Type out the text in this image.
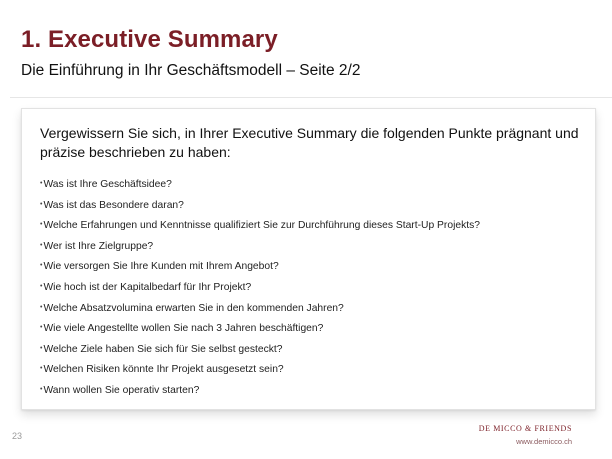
1. Executive Summary
Die Einführung in Ihr Geschäftsmodell – Seite 2/2
Vergewissern Sie sich, in Ihrer Executive Summary die folgenden Punkte prägnant und präzise beschrieben zu haben:
•Was ist Ihre Geschäftsidee?
•Was ist das Besondere daran?
•Welche Erfahrungen und Kenntnisse qualifiziert Sie zur Durchführung dieses Start-Up Projekts?
•Wer ist Ihre Zielgruppe?
•Wie versorgen Sie Ihre Kunden mit Ihrem Angebot?
•Wie hoch ist der Kapitalbedarf für Ihr Projekt?
•Welche Absatzvolumina erwarten Sie in den kommenden Jahren?
•Wie viele Angestellte wollen Sie nach 3 Jahren beschäftigen?
•Welche Ziele haben Sie sich für Sie selbst gesteckt?
•Welchen Risiken könnte Ihr Projekt ausgesetzt sein?
•Wann wollen Sie operativ starten?
23
DE MICCO & FRIENDS
www.demicco.ch
